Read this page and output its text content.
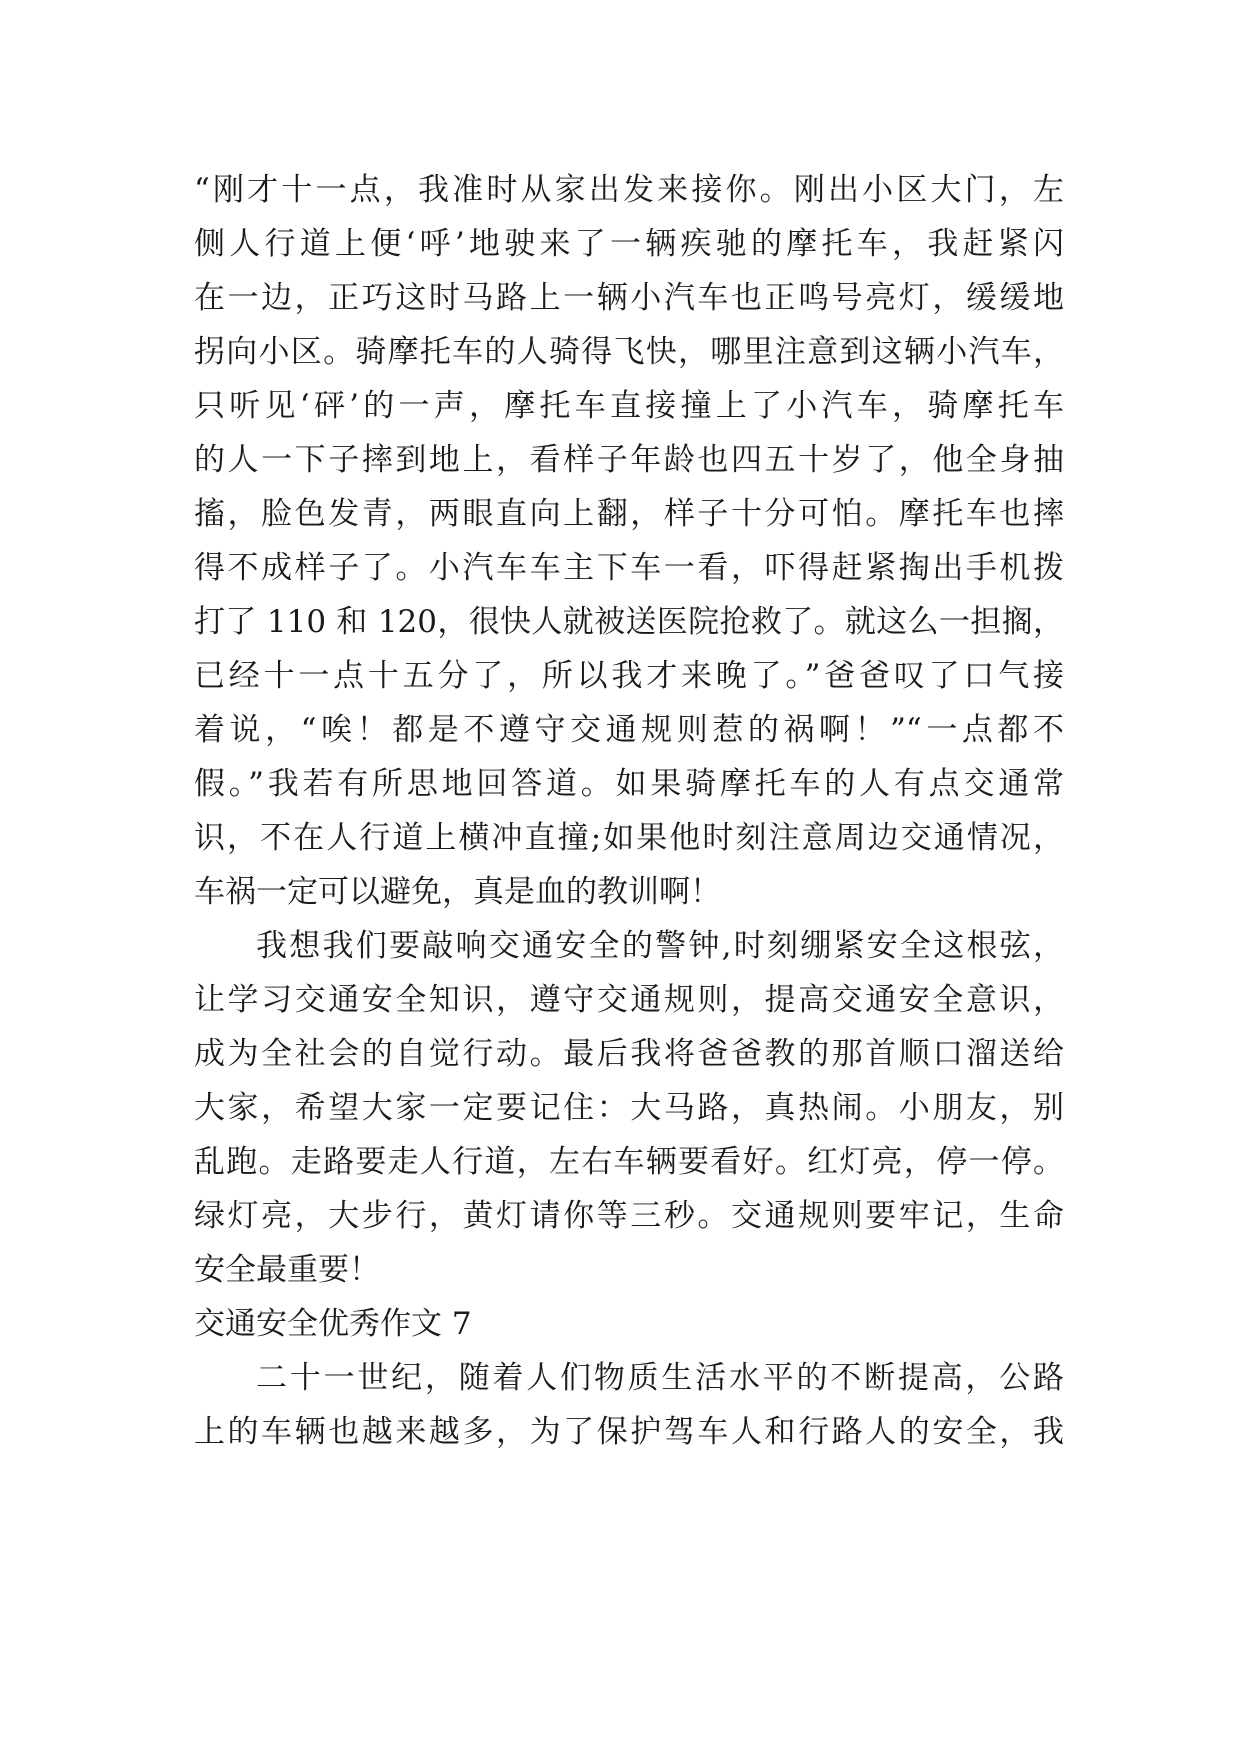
“刚才十一点，我准时从家出发来接你。刚出小区大门，左
侧人行道上便‘呼’地驶来了一辆疾驰的摩托车，我赶紧闪
在一边，正巧这时马路上一辆小汽车也正鸣号亮灯，缓缓地
拐向小区。骑摩托车的人骑得飞快，哪里注意到这辆小汽车，
只听见‘砰’的一声，摩托车直接撞上了小汽车，骑摩托车
的人一下子摔到地上，看样子年龄也四五十岁了，他全身抽
搐，脸色发青，两眼直向上翻，样子十分可怕。摩托车也摔
得不成样子了。小汽车车主下车一看，吓得赶紧掏出手机拨
打了 110 和 120，很快人就被送医院抢救了。就这么一担搁，
已经十一点十五分了，所以我才来晚了。”爸爸叹了口气接
着说，“唉！都是不遵守交通规则惹的祸啊！”“一点都不
假。”我若有所思地回答道。如果骑摩托车的人有点交通常
识，不在人行道上横冲直撞;如果他时刻注意周边交通情况，
车祸一定可以避免，真是血的教训啊！
我想我们要敲响交通安全的警钟,时刻绷紧安全这根弦，
让学习交通安全知识，遵守交通规则，提高交通安全意识，
成为全社会的自觉行动。最后我将爸爸教的那首顺口溜送给
大家，希望大家一定要记住：大马路，真热闹。小朋友，别
乱跑。走路要走人行道，左右车辆要看好。红灯亮，停一停。
绿灯亮，大步行，黄灯请你等三秒。交通规则要牢记，生命
安全最重要！
交通安全优秀作文 7
二十一世纪，随着人们物质生活水平的不断提高，公路
上的车辆也越来越多，为了保护驾车人和行路人的安全，我
